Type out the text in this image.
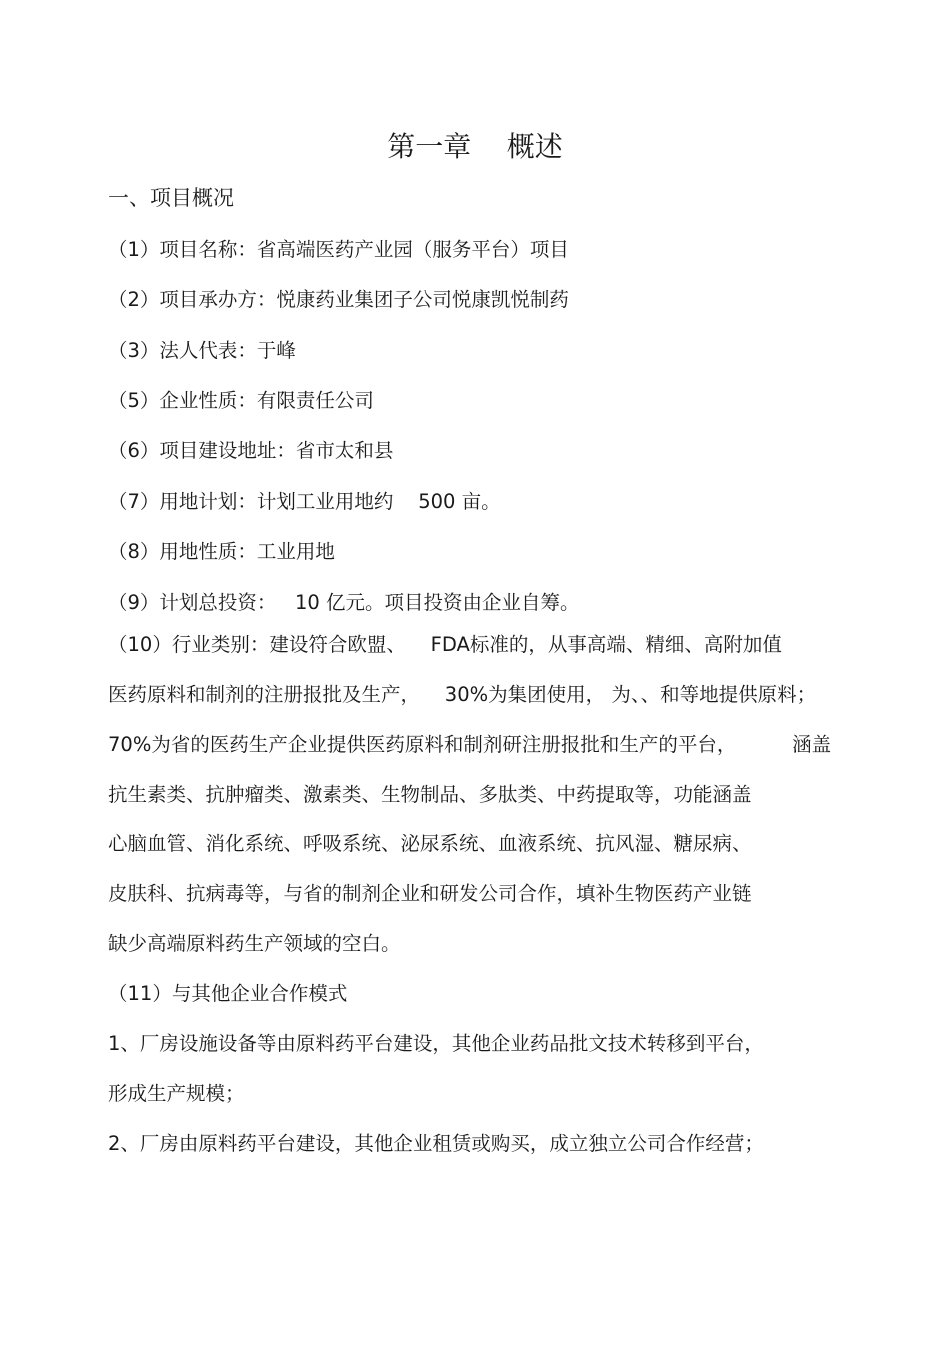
第一章    概述
一、项目概况
（1）项目名称：省高端医药产业园（服务平台）项目
（2）项目承办方：悦康药业集团子公司悦康凯悦制药
（3）法人代表：于峰
（5）企业性质：有限责任公司
（6）项目建设地址：省市太和县
（7）用地计划：计划工业用地约    500 亩。
（8）用地性质：工业用地
（9）计划总投资：   10 亿元。项目投资由企业自筹。
（10）行业类别：建设符合欧盟、    FDA标准的，从事高端、精细、高附加值
医药原料和制剂的注册报批及生产，    30%为集团使用， 为、、和等地提供原料；
70%为省的医药生产企业提供医药原料和制剂研注册报批和生产的平台，         涵盖
抗生素类、抗肿瘤类、激素类、生物制品、多肽类、中药提取等，功能涵盖
心脑血管、消化系统、呼吸系统、泌尿系统、血液系统、抗风湿、糖尿病、
皮肤科、抗病毒等，与省的制剂企业和研发公司合作，填补生物医药产业链
缺少高端原料药生产领域的空白。
（11）与其他企业合作模式
1、厂房设施设备等由原料药平台建设，其他企业药品批文技术转移到平台，
形成生产规模；
2、厂房由原料药平台建设，其他企业租赁或购买，成立独立公司合作经营；
